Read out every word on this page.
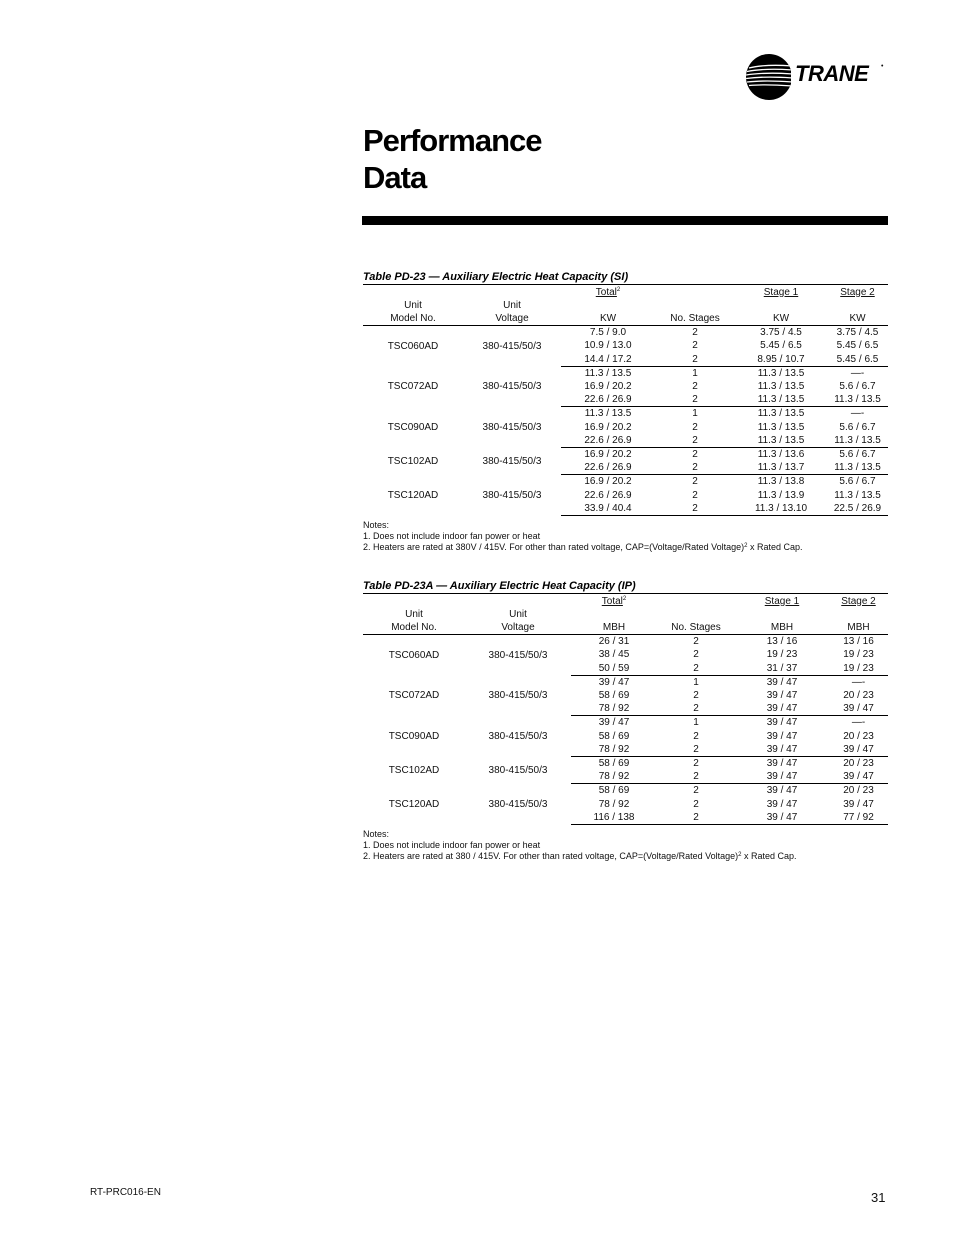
TRANE •
Performance
Data
Table PD-23 — Auxiliary Electric Heat Capacity (SI)
		Total$^2$		Stage 1	Stage 2
Unit	Unit				
Model No.	Voltage	KW	No. Stages	KW	KW
TSC060AD	380-415/50/3	7.5 / 9.0	2	3.75 / 4.5	3.75 / 4.5
		10.9 / 13.0	2	5.45 / 6.5	5.45 / 6.5
		14.4 / 17.2	2	8.95 / 10.7	5.45 / 6.5
TSC072AD	380-415/50/3	11.3 / 13.5	1	11.3 / 13.5	—-
		16.9 / 20.2	2	11.3 / 13.5	5.6 / 6.7
		22.6 / 26.9	2	11.3 / 13.5	11.3 / 13.5
TSC090AD	380-415/50/3	11.3 / 13.5	1	11.3 / 13.5	—-
		16.9 / 20.2	2	11.3 / 13.5	5.6 / 6.7
		22.6 / 26.9	2	11.3 / 13.5	11.3 / 13.5
TSC102AD	380-415/50/3	16.9 / 20.2	2	11.3 / 13.6	5.6 / 6.7
		22.6 / 26.9	2	11.3 / 13.7	11.3 / 13.5
TSC120AD	380-415/50/3	16.9 / 20.2	2	11.3 / 13.8	5.6 / 6.7
		22.6 / 26.9	2	11.3 / 13.9	11.3 / 13.5
		33.9 / 40.4	2	11.3 / 13.10	22.5 / 26.9
Notes:
1. Does not include indoor fan power or heat
2. Heaters are rated at 380V / 415V. For other than rated voltage, CAP=(Voltage/Rated Voltage)$^2$ x Rated Cap.
Table PD-23A — Auxiliary Electric Heat Capacity (IP)
		Total$^2$		Stage 1	Stage 2
Unit	Unit				
Model No.	Voltage	MBH	No. Stages	MBH	MBH
TSC060AD	380-415/50/3	26 / 31	2	13 / 16	13 / 16
		38 / 45	2	19 / 23	19 / 23
		50 / 59	2	31 / 37	19 / 23
TSC072AD	380-415/50/3	39 / 47	1	39 / 47	—-
		58 / 69	2	39 / 47	20 / 23
		78 / 92	2	39 / 47	39 / 47
TSC090AD	380-415/50/3	39 / 47	1	39 / 47	—-
		58 / 69	2	39 / 47	20 / 23
		78 / 92	2	39 / 47	39 / 47
TSC102AD	380-415/50/3	58 / 69	2	39 / 47	20 / 23
		78 / 92	2	39 / 47	39 / 47
TSC120AD	380-415/50/3	58 / 69	2	39 / 47	20 / 23
		78 / 92	2	39 / 47	39 / 47
		116 / 138	2	39 / 47	77 / 92
Notes:
1. Does not include indoor fan power or heat
2. Heaters are rated at 380 / 415V. For other than rated voltage, CAP=(Voltage/Rated Voltage)$^2$ x Rated Cap.
RT-PRC016-EN	31
